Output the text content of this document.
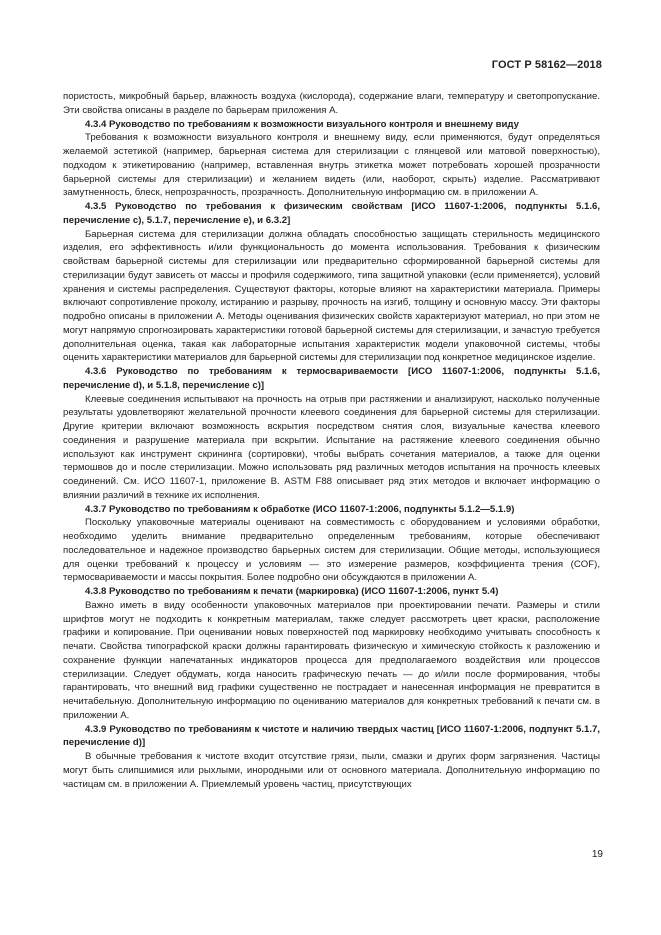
ГОСТ Р 58162—2018

пористость, микробный барьер, влажность воздуха (кислорода), содержание влаги, температуру и светопропускание. Эти свойства описаны в разделе по барьерам приложения А.

4.3.4 Руководство по требованиям к возможности визуального контроля и внешнему виду

Требования к возможности визуального контроля и внешнему виду, если применяются, будут определяться желаемой эстетикой (например, барьерная система для стерилизации с глянцевой или матовой поверхностью), подходом к этикетированию (например, вставленная внутрь этикетка может потребовать хорошей прозрачности барьерной системы для стерилизации) и желанием видеть (или, наоборот, скрыть) изделие. Рассматривают замутненность, блеск, непрозрачность, прозрачность. Дополнительную информацию см. в приложении А.

4.3.5 Руководство по требования к физическим свойствам [ИСО 11607-1:2006, подпункты 5.1.6, перечисление с), 5.1.7, перечисление е), и 6.3.2]

Барьерная система для стерилизации должна обладать способностью защищать стерильность медицинского изделия, его эффективность и/или функциональность до момента использования. Требования к физическим свойствам барьерной системы для стерилизации или предварительно сформированной барьерной системы для стерилизации будут зависеть от массы и профиля содержимого, типа защитной упаковки (если применяется), условий хранения и системы распределения. Существуют факторы, которые влияют на характеристики материала. Примеры включают сопротивление проколу, истиранию и разрыву, прочность на изгиб, толщину и основную массу. Эти факторы подробно описаны в приложении А. Методы оценивания физических свойств характеризуют материал, но при этом не могут напрямую спрогнозировать характеристики готовой барьерной системы для стерилизации, и зачастую требуется дополнительная оценка, такая как лабораторные испытания характеристик модели упаковочной системы, чтобы оценить характеристики материалов для барьерной системы для стерилизации под конкретное медицинское изделие.

4.3.6 Руководство по требованиям к термосвариваемости [ИСО 11607-1:2006, подпункты 5.1.6, перечисление d), и 5.1.8, перечисление с)]

Клеевые соединения испытывают на прочность на отрыв при растяжении и анализируют, насколько полученные результаты удовлетворяют желательной прочности клеевого соединения для барьерной системы для стерилизации. Другие критерии включают возможность вскрытия посредством снятия слоя, визуальные качества клеевого соединения и разрушение материала при вскрытии. Испытание на растяжение клеевого соединения обычно используют как инструмент скрининга (сортировки), чтобы выбрать сочетания материалов, а также для оценки термошвов до и после стерилизации. Можно использовать ряд различных методов испытания на прочность клеевых соединений. См. ИСО 11607-1, приложение В. ASTM F88 описывает ряд этих методов и включает информацию о влиянии различий в технике их исполнения.

4.3.7 Руководство по требованиям к обработке (ИСО 11607-1:2006, подпункты 5.1.2—5.1.9)

Поскольку упаковочные материалы оценивают на совместимость с оборудованием и условиями обработки, необходимо уделить внимание предварительно определенным требованиям, которые обеспечивают последовательное и надежное производство барьерных систем для стерилизации. Общие методы, использующиеся для оценки требований к процессу и условиям — это измерение размеров, коэффициента трения (COF), термосвариваемости и массы покрытия. Более подробно они обсуждаются в приложении А.

4.3.8 Руководство по требованиям к печати (маркировка) (ИСО 11607-1:2006, пункт 5.4)

Важно иметь в виду особенности упаковочных материалов при проектировании печати. Размеры и стили шрифтов могут не подходить к конкретным материалам, также следует рассмотреть цвет краски, расположение графики и копирование. При оценивании новых поверхностей под маркировку необходимо учитывать способность к печати. Свойства типографской краски должны гарантировать физическую и химическую стойкость к разложению и сохранение функции напечатанных индикаторов процесса для предполагаемого воздействия или процессов стерилизации. Следует обдумать, когда наносить графическую печать — до и/или после формирования, чтобы гарантировать, что внешний вид графики существенно не пострадает и нанесенная информация не превратится в нечитабельную. Дополнительную информацию по оцениванию материалов для конкретных требований к печати см. в приложении А.

4.3.9 Руководство по требованиям к чистоте и наличию твердых частиц [ИСО 11607-1:2006, подпункт 5.1.7, перечисление d)]

В обычные требования к чистоте входит отсутствие грязи, пыли, смазки и других форм загрязнения. Частицы могут быть слипшимися или рыхлыми, инородными или от основного материала. Дополнительную информацию по частицам см. в приложении А. Приемлемый уровень частиц, присутствующих

19
